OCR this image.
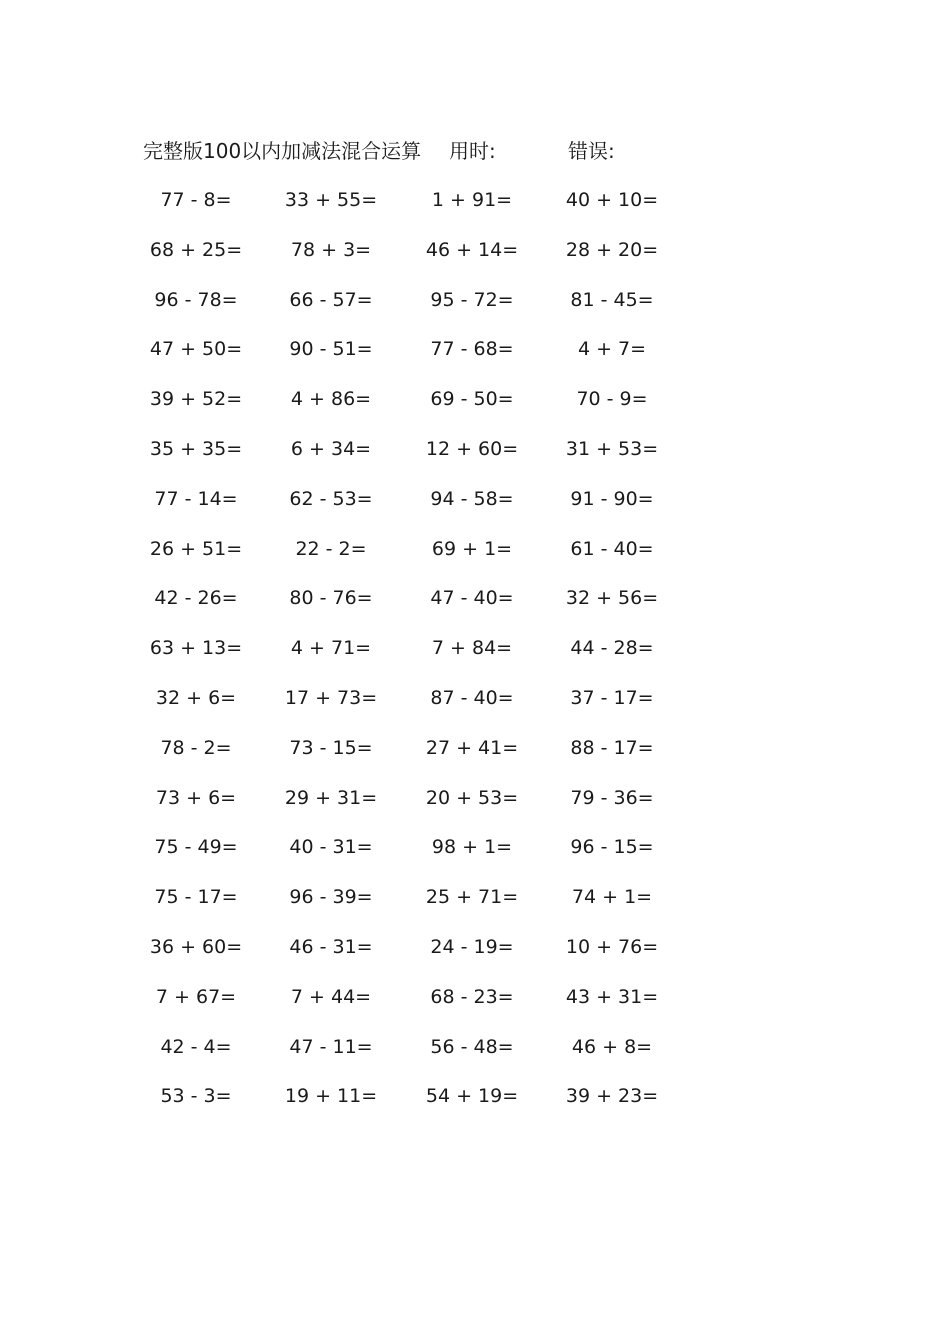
完整版100以内加减法混合运算 用时:	错误:
77 - 8=	33 + 55=	1 + 91=	40 + 10=
68 + 25=	78 + 3=	46 + 14=	28 + 20=
96 - 78=	66 - 57=	95 - 72=	81 - 45=
47 + 50=	90 - 51=	77 - 68=	4 + 7=
39 + 52=	4 + 86=	69 - 50=	70 - 9=
35 + 35=	6 + 34=	12 + 60=	31 + 53=
77 - 14=	62 - 53=	94 - 58=	91 - 90=
26 + 51=	22 - 2=	69 + 1=	61 - 40=
42 - 26=	80 - 76=	47 - 40=	32 + 56=
63 + 13=	4 + 71=	7 + 84=	44 - 28=
32 + 6=	17 + 73=	87 - 40=	37 - 17=
78 - 2=	73 - 15=	27 + 41=	88 - 17=
73 + 6=	29 + 31=	20 + 53=	79 - 36=
75 - 49=	40 - 31=	98 + 1=	96 - 15=
75 - 17=	96 - 39=	25 + 71=	74 + 1=
36 + 60=	46 - 31=	24 - 19=	10 + 76=
7 + 67=	7 + 44=	68 - 23=	43 + 31=
42 - 4=	47 - 11=	56 - 48=	46 + 8=
53 - 3=	19 + 11=	54 + 19=	39 + 23=
